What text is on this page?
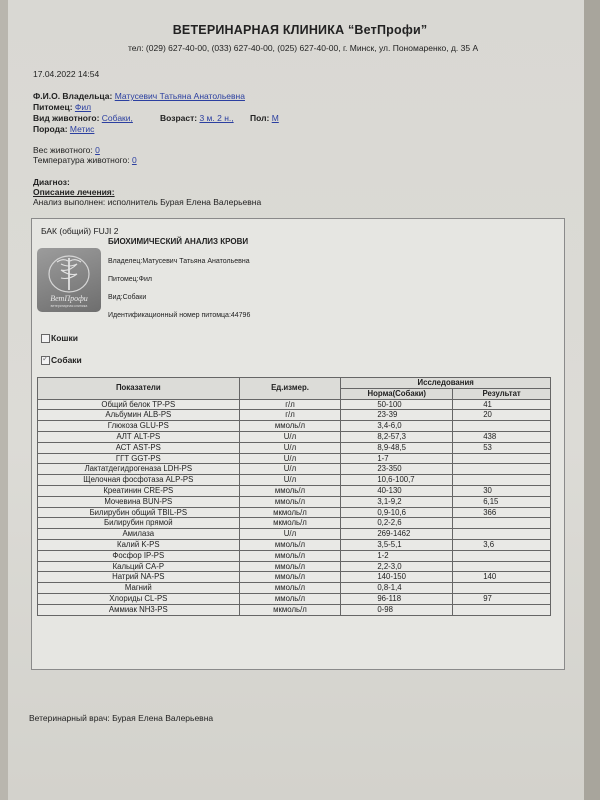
ВЕТЕРИНАРНАЯ КЛИНИКА “ВетПрофи”
тел: (029) 627-40-00, (033) 627-40-00, (025) 627-40-00, г. Минск, ул. Пономаренко, д. 35 А
17.04.2022 14:54
Ф.И.О. Владельца: Матусевич Татьяна Анатольевна
Питомец: Фил
Вид животного: Собаки,	Возраст: 3 м. 2 н., Пол: М
Порода: Метис
Вес животного: 0
Температура животного: 0
Диагноз:
Описание лечения:
Анализ выполнен: исполнитель Бурая Елена Валерьевна
БАК (общий) FUJI 2
ВетПрофи
ветеринарная клиника
БИОХИМИЧЕСКИЙ АНАЛИЗ КРОВИ
Владелец:Матусевич Татьяна Анатольевна
Питомец:Фил
Вид:Собаки
Идентификационный номер питомца:44796
Кошки
✓
Собаки
Показатели	Ед.измер.	Исследования	
		Норма(Собаки)	Результат
Общий белок TP-PS	г/л	50-100	41
Альбумин ALB-PS	г/л	23-39	20
Глюкоза GLU-PS	ммоль/л	3,4-6,0	
АЛТ ALT-PS	U/л	8,2-57,3	438
АСТ AST-PS	U/л	8,9-48,5	53
ГГТ GGT-PS	U/л	1-7	
Лактатдегидрогеназа LDH-PS	U/л	23-350	
Щелочная фосфотаза ALP-PS	U/л	10,6-100,7	
Креатинин CRE-PS	ммоль/л	40-130	30
Мочевина BUN-PS	ммоль/л	3,1-9,2	6,15
Билирубин общий TBIL-PS	мкмоль/л	0,9-10,6	366
Билирубин прямой	мкмоль/л	0,2-2,6	
Амилаза	U/л	269-1462	
Калий K-PS	ммоль/л	3,5-5,1	3,6
Фосфор IP-PS	ммоль/л	1-2	
Кальций CA-P	ммоль/л	2,2-3,0	
Натрий NA-PS	ммоль/л	140-150	140
Магний	ммоль/л	0,8-1,4	
Хлориды CL-PS	ммоль/л	96-118	97
Аммиак NH3-PS	мкмоль/л	0-98	
Ветеринарный врач: Бурая Елена Валерьевна
